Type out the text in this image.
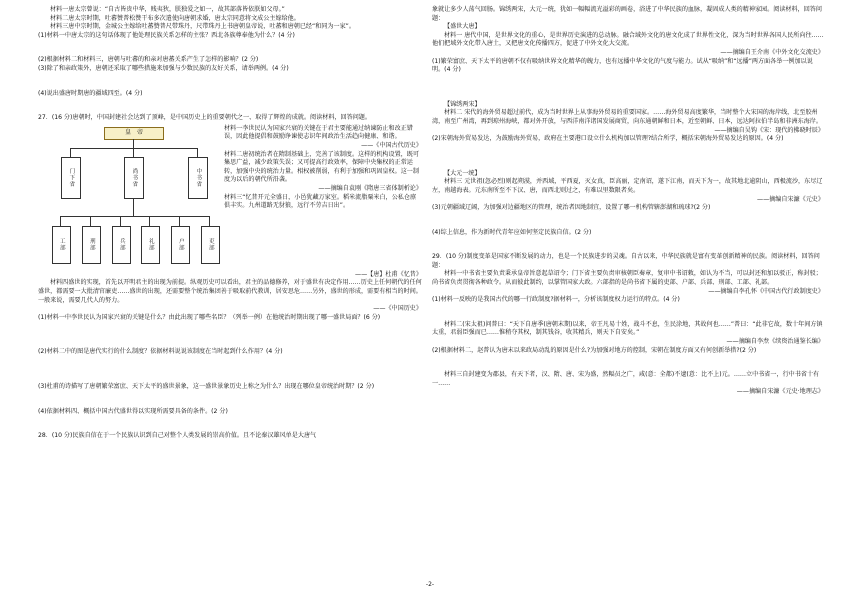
材料一唐太宗曾说：“自古皆贵中华，贱夷狄，朕独爱之如一，故其部落皆依朕如父母。”

材料二唐太宗时期，吐蕃赞普松赞干布多次遣使向唐朝求婚，唐太宗同意将文成公主嫁给他。

材料三唐中宗时期，金城公主嫁给吐蕃赞普尺带珠丹，尺带珠丹上书唐朝皇帝说，吐蕃和唐朝已经“和同为一家”。

(1)材料一中唐太宗的这句话体现了他处理民族关系怎样的主张？西北各族尊奉他为什么？(4 分)

(2)根据材料二和材料三，唐朝与吐蕃的和亲对唐蕃关系产生了怎样的影响？(2 分)

(3)除了和亲政策外，唐朝还采取了哪些措施来加强与少数民族的友好关系，请举两例。(4 分)

(4)说出盛唐时期唐的疆域四至。(4 分)

27．(16 分)唐朝时，中国封建社会达到了顶峰，是中国历史上的重要朝代之一、取得了辉煌的成就。阅读材料，回答问题。

皇　帝
门下省	尚书省	中书省
工部	刑部	兵部	礼部	户部	吏部

材料一李世民认为国家兴衰的关键在于君主要能通过纳谏防止和改正错误，因此他提倡和鼓励诤谏使志识年间政治生活趋向健康、和谐。

——《中国古代历史》

材料二唐初统治者在隋制基础上，完善了该制度。这样的机构设置，既可集思广益，减少政策失误；又可提高行政效率，保障中央集权的正常运转，加强中央的统治力量。相权被削弱，有利于加强和巩固皇权。这一制度为以后的朝代所沿袭。

——摘编自袁刚《隋唐三省体制析论》

材料三“忆昔开元全盛日，小邑犹藏万家室。稻米流脂粟米白，公私仓廪俱丰实。九州道路无豺狼，远行不劳吉日出”。

——【唐】杜甫《忆昔》

材料四盛世的实现，首先以开明君主的出现为前提。纵观历史可以看出，君主的品德修养，对于盛世有决定作用……历史上任何朝代的任何盛世，都需要一大批清官廉吏……盛世的出现，还需要整个统治集团善于吸取前代教训，居安思危……另外，盛世的形成，需要有相当的时间。一般来说，需要几代人的努力。

——《中国历史》

(1)材料一中李世民认为国家兴衰的关键是什么？由此出现了哪些名臣？（列举一例）在他统治时期出现了哪一盛世局面？(6 分)

(2)材料二中的图是唐代实行的什么制度？依据材料说说该制度在当时起到什么作用？(4 分)

(3)杜甫的诗描写了唐朝繁荣富庶、天下太平的盛世景象，这一盛世景象历史上称之为什么？出现在哪位皇帝统治时期？(2 分)

(4)依据材料四、概括中国古代盛世得以实现所需要具备的条件。(2 分)

28．(10 分)民族自信在于一个民族认识到自己对整个人类发展的崇高价值。且不论秦汉雄风单是大唐气

象就让多少人荡气回肠。锦绣两宋，大元一统，犹如一幅幅流光溢彩的画卷，浴进了中华民族的血脉，凝固成人类的精神家园。阅读材料，回答问题：

【盛世大唐】

材料一 唐代中国，是世界文化的重心，是世界历史演进的总动脉。融合域外文化的唐文化成了世界性文化，深为当时世界各国人民所向往……他们把域外文化带入唐土，又把唐文化传播四方，促进了中外文化大交流。

——摘编自王介南《中外文化交流史》

(1)繁荣富庶、天下太平的唐朝不仅有吸纳世界文化精华的魄力，也有远播中华文化的气度与能力。试从“吸纳”和“远播”两方面各举一例加以说明。(4 分)

【锦绣两宋】

材料二 宋代的海外贸易超过前代，成为当时世界上从事海外贸易的重要国家。……海外贸易高度繁华，当时整个大宋国的海岸线，北至胶州湾，南至广州湾，再到琼州海峡，都对外开放，与西洋南洋诸国发展商贸，向东通朝鲜和日本，近至朝鲜、日本，远达阿拉伯半岛和非洲东海岸。

——摘编自吴钩《宋：现代的拂晓时辰》

(2)宋朝海外贸易发达，为鼓励海外贸易，政府在主要港口设立什么机构加以管理?结合所学，概括宋朝海外贸易发达的原因。(4 分)

【大元一统】

材料三 元世祖(忽必烈)则起朔漠，并西域，平西夏，灭女真，臣高丽，定南诏，遂下江南，而天下为一，故其地北逾阴山，西极流沙，东尽辽左，南越海表。元东南所至不下汉、唐，而西北则过之，有难以里数限者矣。

——摘编自宋濂《元史》

(3)元朝疆域辽阔，为加强对边疆地区的管理，统治者因地制宜，设置了哪一机构管辖澎湖和琉球?(2 分)

(4)综上信息，作为新时代青年应如何坚定民族自信。(2 分)

29．(10 分)制度变革是国家不断发展的动力，也是一个民族进步的灵魂。自古以来，中华民族就是富有变革创新精神的民族。阅读材料，回答问题：

材料一中书省主要负责秉承皇帝旨意起草诏令；门下省主要负责审核朝臣奏章，复审中书诏敕，如认为不当，可以封还和加以驳正，称封驳；尚书省负责贯彻各种政令。从而彼此制约，以掌管国家大政。六部指的是尚书省下属的吏部、户部、兵部、刑部、工部、礼部。

——摘编自李孔怀《中国古代行政制度史》

(1)材料一反映的是我国古代的哪一行政制度?据材料一，分析该制度权力运行的特点。(4 分)

材料二(宋太祖)问普曰：“天下自唐季(唐朝末期)以来，帝王凡易十姓，战斗不息，生民涂地，其故何也……”普曰：“此非它故，数十年间方镇太重，君弱臣强而已……惟稍夺其权，制其钱谷，收其精兵，则天下自安矣。”

——摘编自李焘《续资治通鉴长编》

(2)根据材料二，赵普认为唐末以来政局动乱的原因是什么?为加强对地方的控制，宋朝在制度方面又有何创新举措?(2 分)

材料三自封建变为郡县，有天下者，汉、隋、唐、宋为盛，然幅员之广，咸(意：全都)不逮(意：比不上)元。……立中书省一，行中书省十有一……

——摘编自宋濂《元史·地理志》

-2-
